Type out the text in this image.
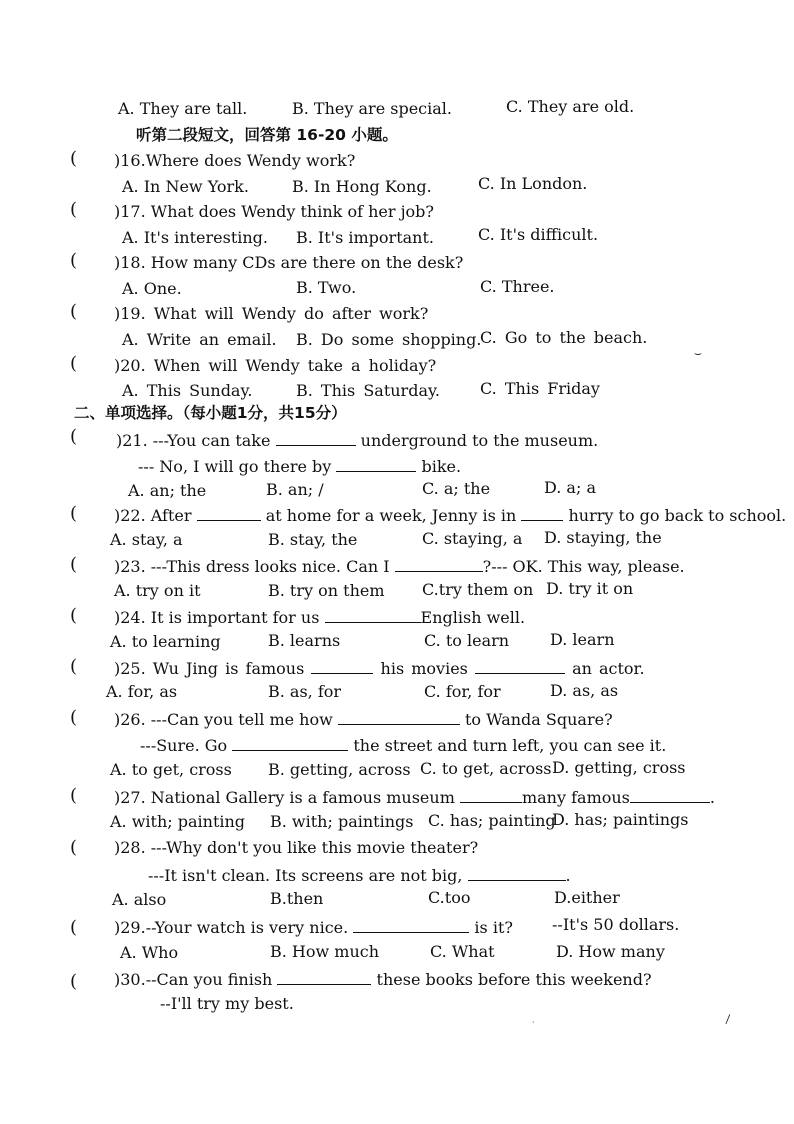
A. They are tall.	B. They are special.	C. They are old.
听第二段短文，回答第 16-20 小题。
( )16.Where does Wendy work?
A. In New York.	B. In Hong Kong.	C. In London.
( )17. What does Wendy think of her job?
A. It's interesting. B. It's important.	C. It's difficult.
( )18. How many CDs are there on the desk?
A. One.	B. Two.	C. Three.
( )19. What will Wendy do after work?
A. Write an email. B. Do some shopping.
C. Go to the beach.
( )20. When will Wendy take a holiday?
A. This Sunday.	B. This Saturday.	C. This Friday
⌣
二、单项选择。（每小题1分，共15分）
( )21. ---You can take	underground to the museum.
--- No, I will go there by	bike.
A. an; the	B. an; /	C. a; the	D. a; a
( )22. After	at home for a week, Jenny is in	hurry to go back to school.
A. stay, a	B. stay, the	C. staying, a D. staying, the
( )23. ---This dress looks nice. Can I	?--- OK. This way, please.
A. try on it	B. try on them C.try them on D. try it on
( )24. It is important for us	English well.
A. to learning	B. learns	C. to learn	D. learn
( )25. Wu Jing is famous	his movies	an actor.
A. for, as	B. as, for	C. for, for	D. as, as
( )26. ---Can you tell me how	to Wanda Square?
---Sure. Go	the street and turn left, you can see it.
A. to get, cross B. getting, across C. to get, across D. getting, cross
( )27. National Gallery is a famous museum	many famous	.
A. with; painting B. with; paintings C. has; painting
D. has; paintings
( )28. ---Why don't you like this movie theater?
---It isn't clean. Its screens are not big,	.
A. also	B.then	C.too	D.either
( )29.--Your watch is very nice.	is it? --It's 50 dollars.
A. Who	B. How much	C. What	D. How many
( )30.--Can you finish	these books before this weekend?
--I'll try my best.
\
·
